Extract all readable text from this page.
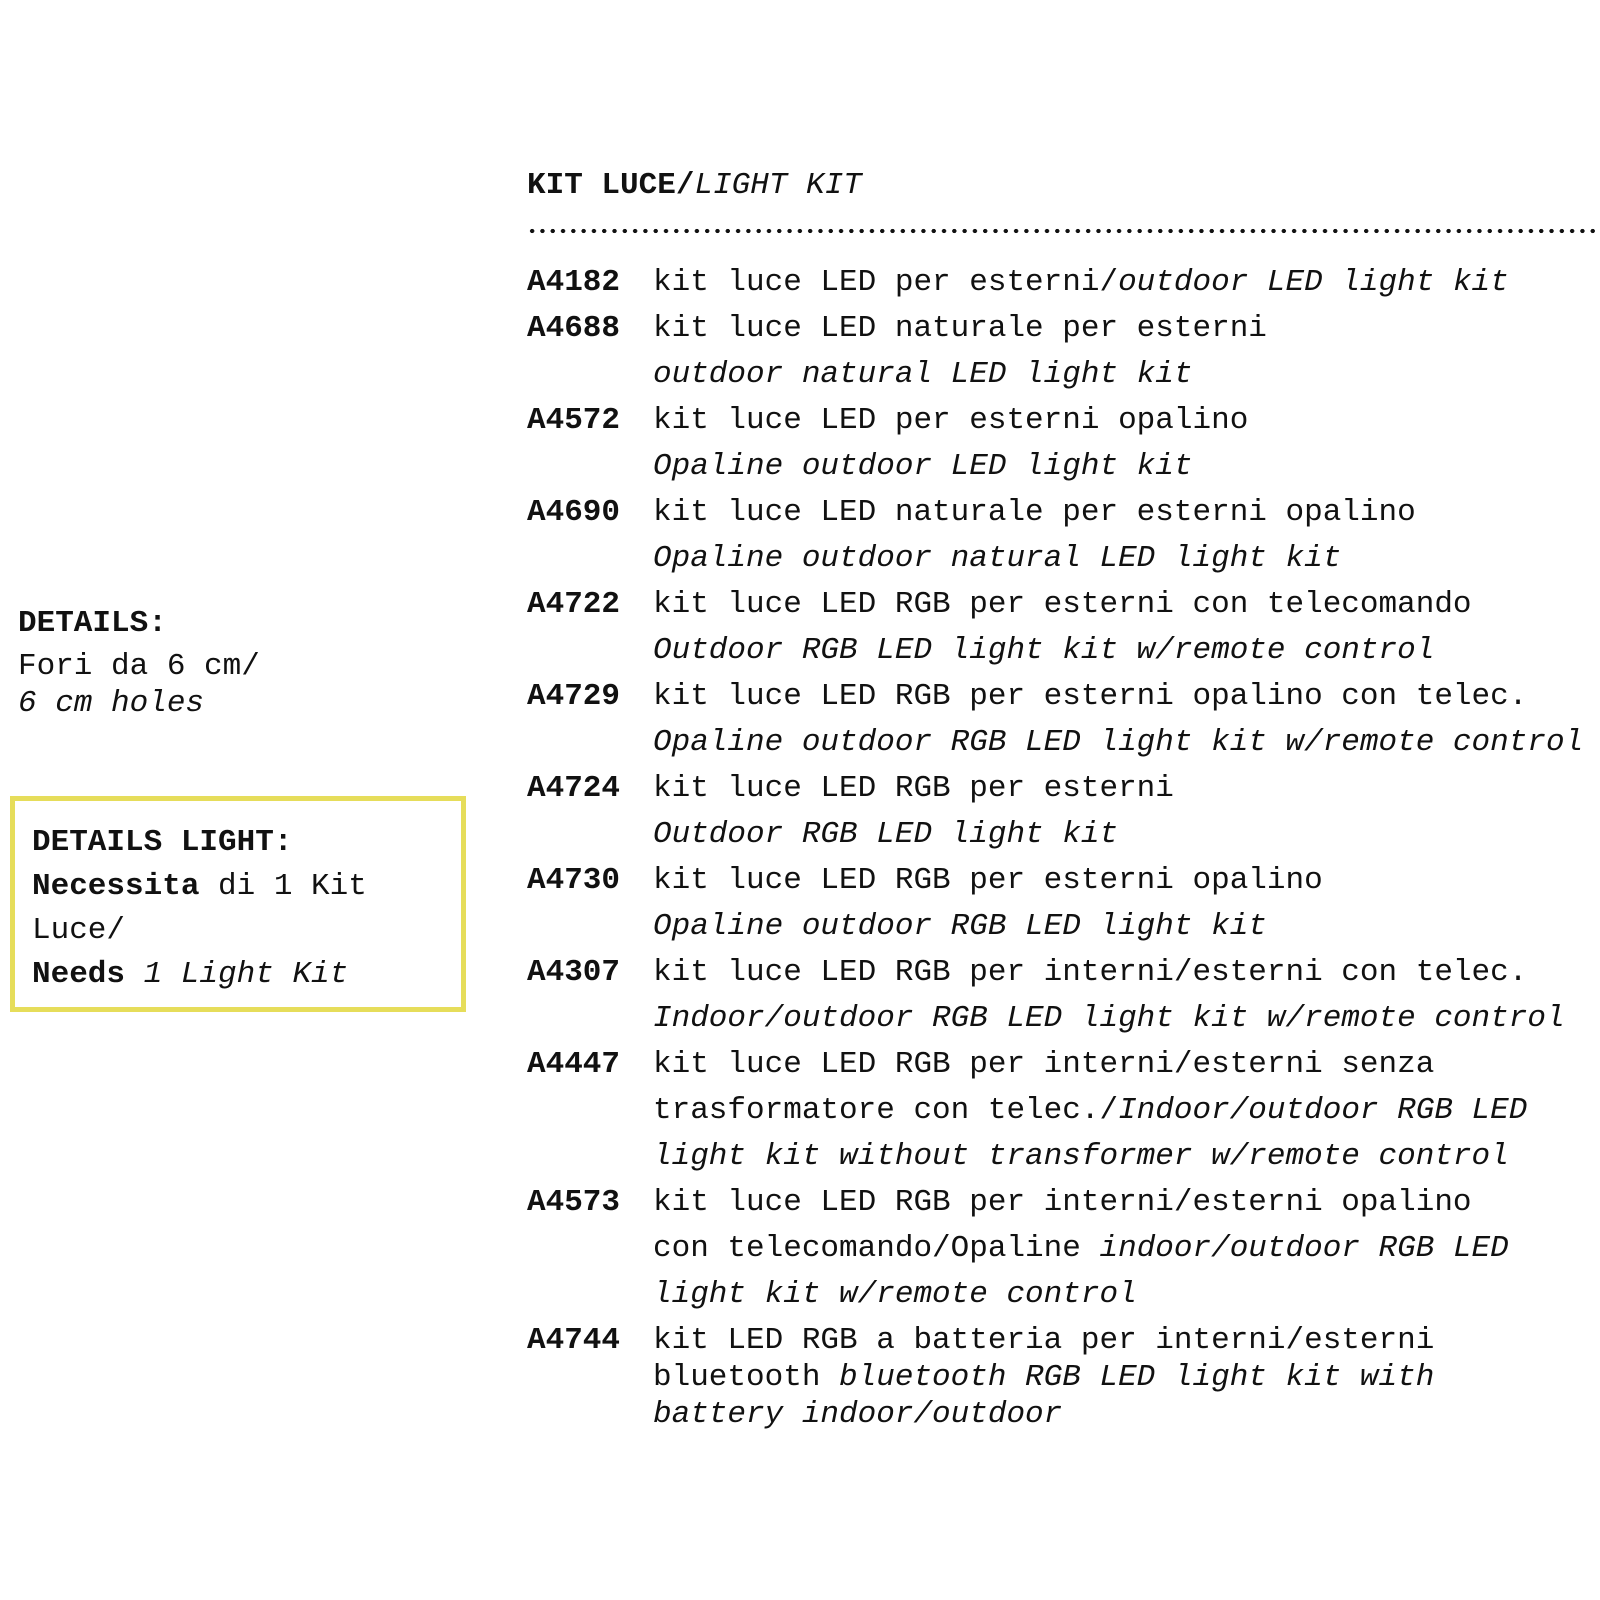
KIT LUCE/LIGHT KIT
A4182	kit luce LED per esterni/outdoor LED light kit
A4688	kit luce LED naturale per esterni
outdoor natural LED light kit
A4572	kit luce LED per esterni opalino
Opaline outdoor LED light kit
A4690	kit luce LED naturale per esterni opalino
Opaline outdoor natural LED light kit
A4722	kit luce LED RGB per esterni con telecomando
Outdoor RGB LED light kit w/remote control
A4729	kit luce LED RGB per esterni opalino con telec.
Opaline outdoor RGB LED light kit w/remote control
A4724	kit luce LED RGB per esterni
Outdoor RGB LED light kit
A4730	kit luce LED RGB per esterni opalino
Opaline outdoor RGB LED light kit
A4307	kit luce LED RGB per interni/esterni con telec.
Indoor/outdoor RGB LED light kit w/remote control
A4447	kit luce LED RGB per interni/esterni senza
trasformatore con telec./Indoor/outdoor RGB LED
light kit without transformer w/remote control
A4573	kit luce LED RGB per interni/esterni opalino
con telecomando/Opaline indoor/outdoor RGB LED
light kit w/remote control
A4744	kit LED RGB a batteria per interni/esterni
bluetooth bluetooth RGB LED light kit with
battery indoor/outdoor
DETAILS:
Fori da 6 cm/
6 cm holes
DETAILS LIGHT:
Necessita di 1 Kit
Luce/
Needs 1 Light Kit
